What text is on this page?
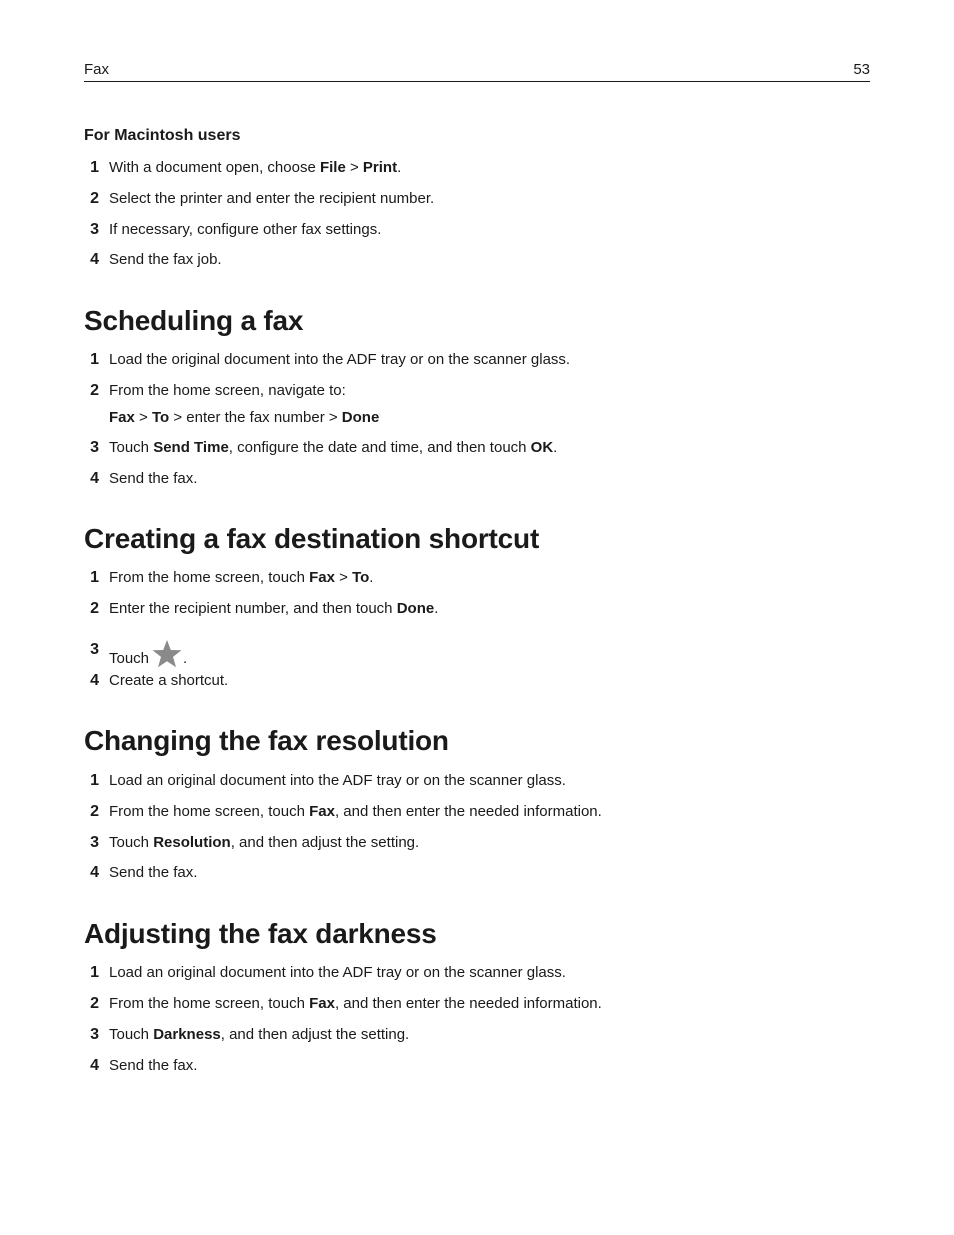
Fax	53
For Macintosh users
1 With a document open, choose File > Print.
2 Select the printer and enter the recipient number.
3 If necessary, configure other fax settings.
4 Send the fax job.
Scheduling a fax
1 Load the original document into the ADF tray or on the scanner glass.
2 From the home screen, navigate to:
Fax > To > enter the fax number > Done
3 Touch Send Time, configure the date and time, and then touch OK.
4 Send the fax.
Creating a fax destination shortcut
1 From the home screen, touch Fax > To.
2 Enter the recipient number, and then touch Done.
3
Touch .
4 Create a shortcut.
Changing the fax resolution
1 Load an original document into the ADF tray or on the scanner glass.
2 From the home screen, touch Fax, and then enter the needed information.
3 Touch Resolution, and then adjust the setting.
4 Send the fax.
Adjusting the fax darkness
1 Load an original document into the ADF tray or on the scanner glass.
2 From the home screen, touch Fax, and then enter the needed information.
3 Touch Darkness, and then adjust the setting.
4 Send the fax.
